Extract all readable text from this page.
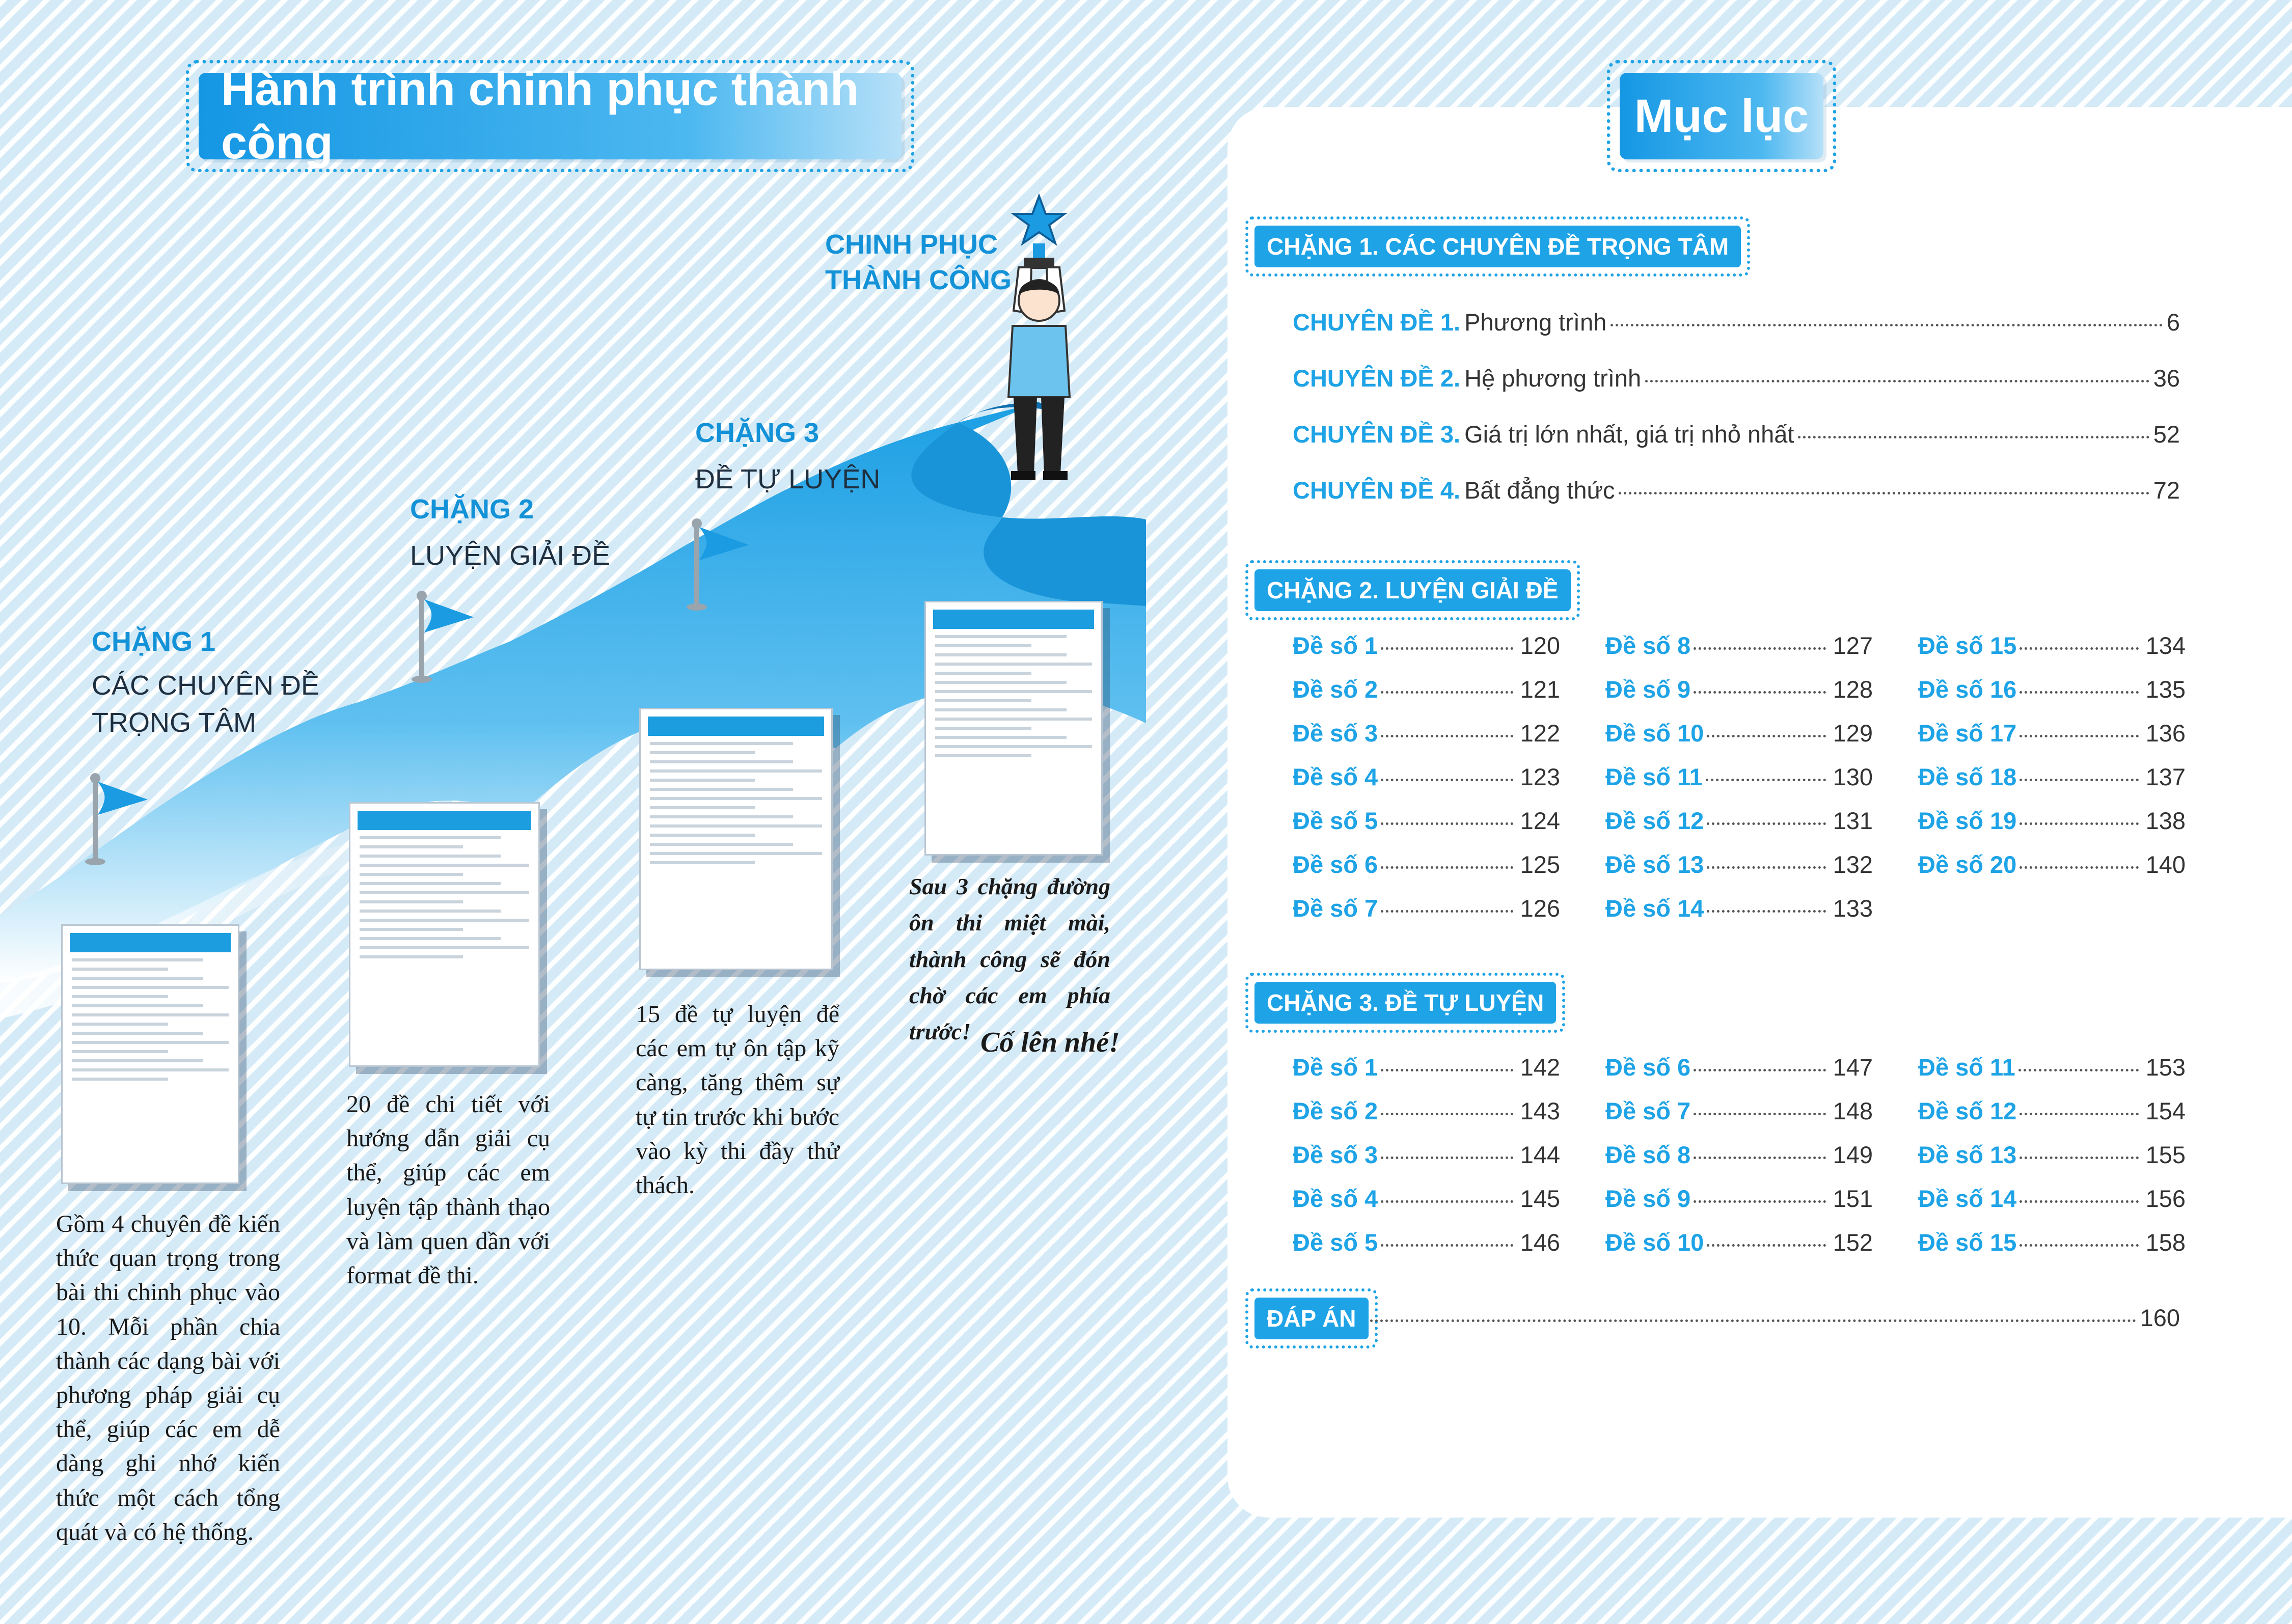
Hành trình chinh phục thành công
CHINH PHỤC
THÀNH CÔNG
CHẶNG 3
ĐỀ TỰ LUYỆN
CHẶNG 2
LUYỆN GIẢI ĐỀ
CHẶNG 1
CÁC CHUYÊN ĐỀ
TRỌNG TÂM
Gồm 4 chuyên đề kiến thức quan trọng trong bài thi chinh phục vào 10. Mỗi phần chia thành các dạng bài với phương pháp giải cụ thể, giúp các em dễ dàng ghi nhớ kiến thức một cách tổng quát và có hệ thống.
20 đề chi tiết với hướng dẫn giải cụ thể, giúp các em luyện tập thành thạo và làm quen dần với format đề thi.
15 đề tự luyện để các em tự ôn tập kỹ càng, tăng thêm sự tự tin trước khi bước vào kỳ thi đầy thử thách.
Sau 3 chặng đường ôn thi miệt mài, thành công sẽ đón chờ các em phía trước! Cố lên nhé!
Mục lục
CHẶNG 1. CÁC CHUYÊN ĐỀ TRỌNG TÂM
CHUYÊN ĐỀ 1. Phương trình	6
CHUYÊN ĐỀ 2. Hệ phương trình	36
CHUYÊN ĐỀ 3. Giá trị lớn nhất, giá trị nhỏ nhất	52
CHUYÊN ĐỀ 4. Bất đẳng thức	72
CHẶNG 2. LUYỆN GIẢI ĐỀ
Đề số 1	120
Đề số 2	121
Đề số 3	122
Đề số 4	123
Đề số 5	124
Đề số 6	125
Đề số 7	126
Đề số 8	127
Đề số 9	128
Đề số 10	129
Đề số 11	130
Đề số 12	131
Đề số 13	132
Đề số 14	133
Đề số 15	134
Đề số 16	135
Đề số 17	136
Đề số 18	137
Đề số 19	138
Đề số 20	140
CHẶNG 3. ĐỀ TỰ LUYỆN
Đề số 1	142
Đề số 2	143
Đề số 3	144
Đề số 4	145
Đề số 5	146
Đề số 6	147
Đề số 7	148
Đề số 8	149
Đề số 9	151
Đề số 10	152
Đề số 11	153
Đề số 12	154
Đề số 13	155
Đề số 14	156
Đề số 15	158
ĐÁP ÁN	160
